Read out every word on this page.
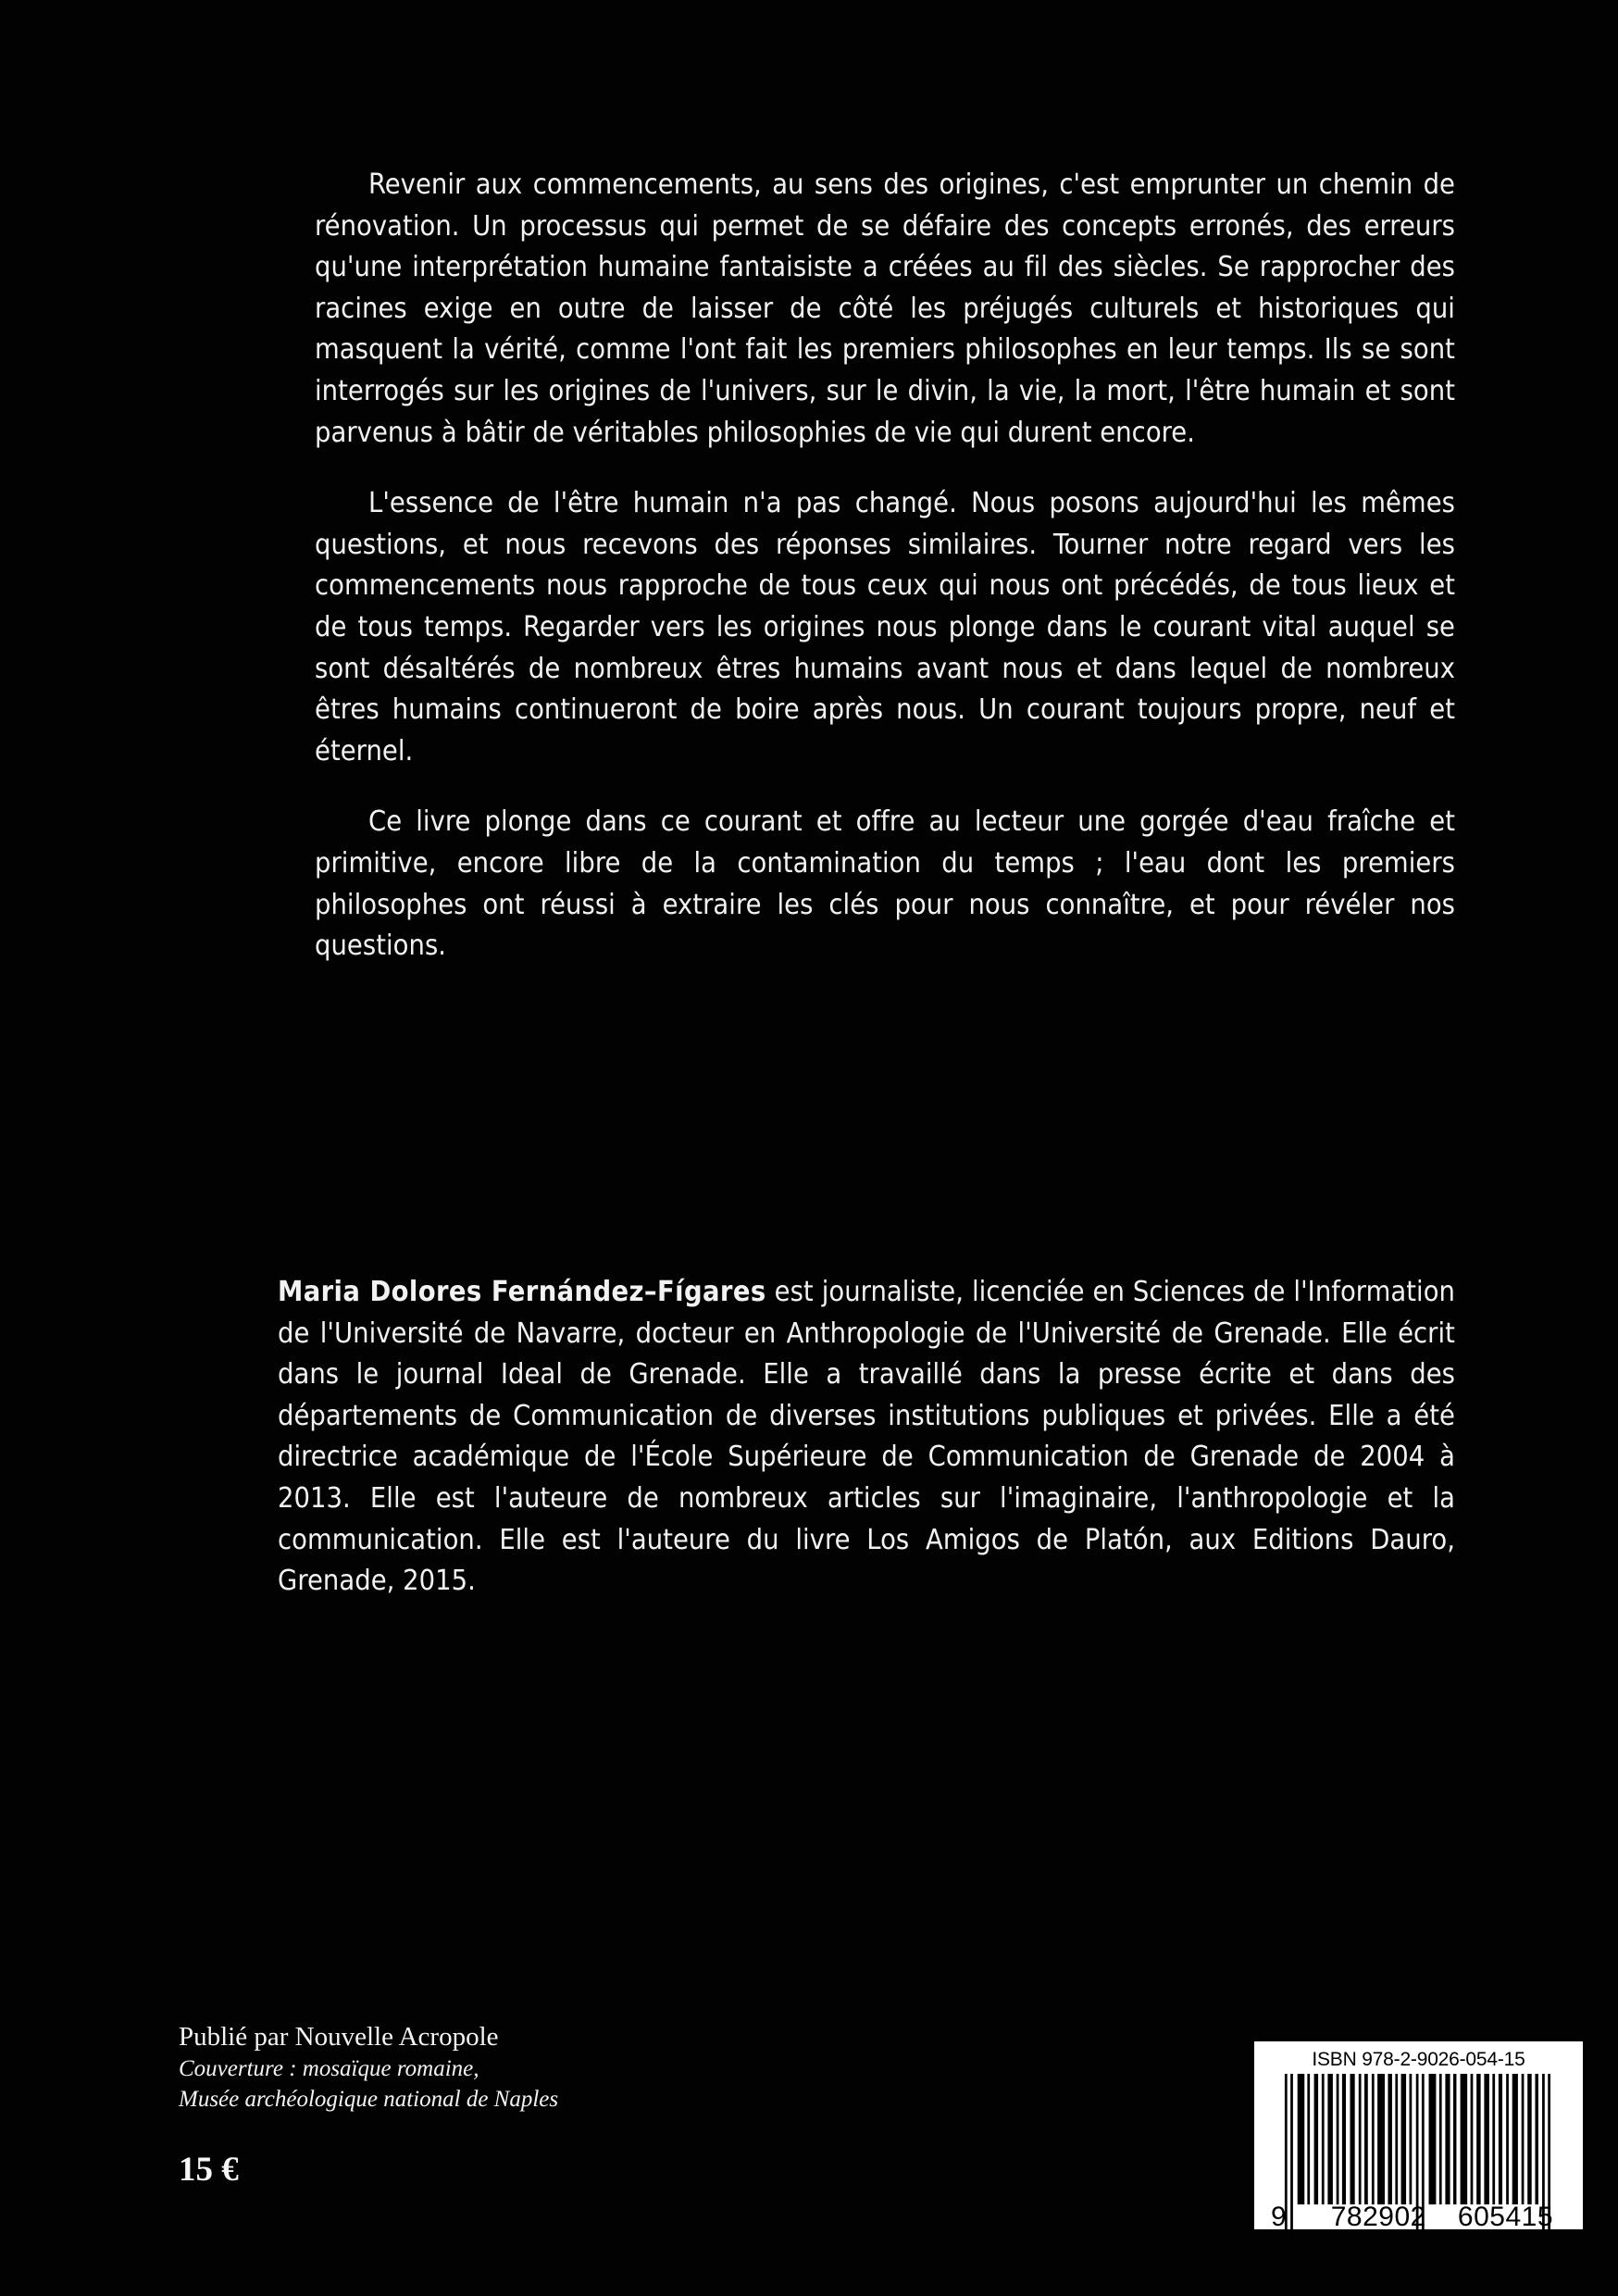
Revenir aux commencements, au sens des origines, c'est emprunter un chemin de rénovation. Un processus qui permet de se défaire des concepts erronés, des erreurs qu'une interprétation humaine fantaisiste a créées au fil des siècles. Se rapprocher des racines exige en outre de laisser de côté les préjugés culturels et historiques qui masquent la vérité, comme l'ont fait les premiers philosophes en leur temps. Ils se sont interrogés sur les origines de l'univers, sur le divin, la vie, la mort, l'être humain et sont parvenus à bâtir de véritables philosophies de vie qui durent encore.

L'essence de l'être humain n'a pas changé. Nous posons aujourd'hui les mêmes questions, et nous recevons des réponses similaires. Tourner notre regard vers les commencements nous rapproche de tous ceux qui nous ont précédés, de tous lieux et de tous temps. Regarder vers les origines nous plonge dans le courant vital auquel se sont désaltérés de nombreux êtres humains avant nous et dans lequel de nombreux êtres humains continueront de boire après nous. Un courant toujours propre, neuf et éternel.

Ce livre plonge dans ce courant et offre au lecteur une gorgée d'eau fraîche et primitive, encore libre de la contamination du temps ; l'eau dont les premiers philosophes ont réussi à extraire les clés pour nous connaître, et pour révéler nos questions.

Maria Dolores Fernández–Fígares est journaliste, licenciée en Sciences de l'Information de l'Université de Navarre, docteur en Anthropologie de l'Université de Grenade. Elle écrit dans le journal Ideal de Grenade. Elle a travaillé dans la presse écrite et dans des départements de Communication de diverses institutions publiques et privées. Elle a été directrice académique de l'École Supérieure de Communication de Grenade de 2004 à 2013. Elle est l'auteure de nombreux articles sur l'imaginaire, l'anthropologie et la communication. Elle est l'auteure du livre Los Amigos de Platón, aux Editions Dauro, Grenade, 2015.

Publié par Nouvelle Acropole
Couverture : mosaïque romaine,
Musée archéologique national de Naples
15 €
ISBN 978-2-9026-054-15
9 782902 605415
